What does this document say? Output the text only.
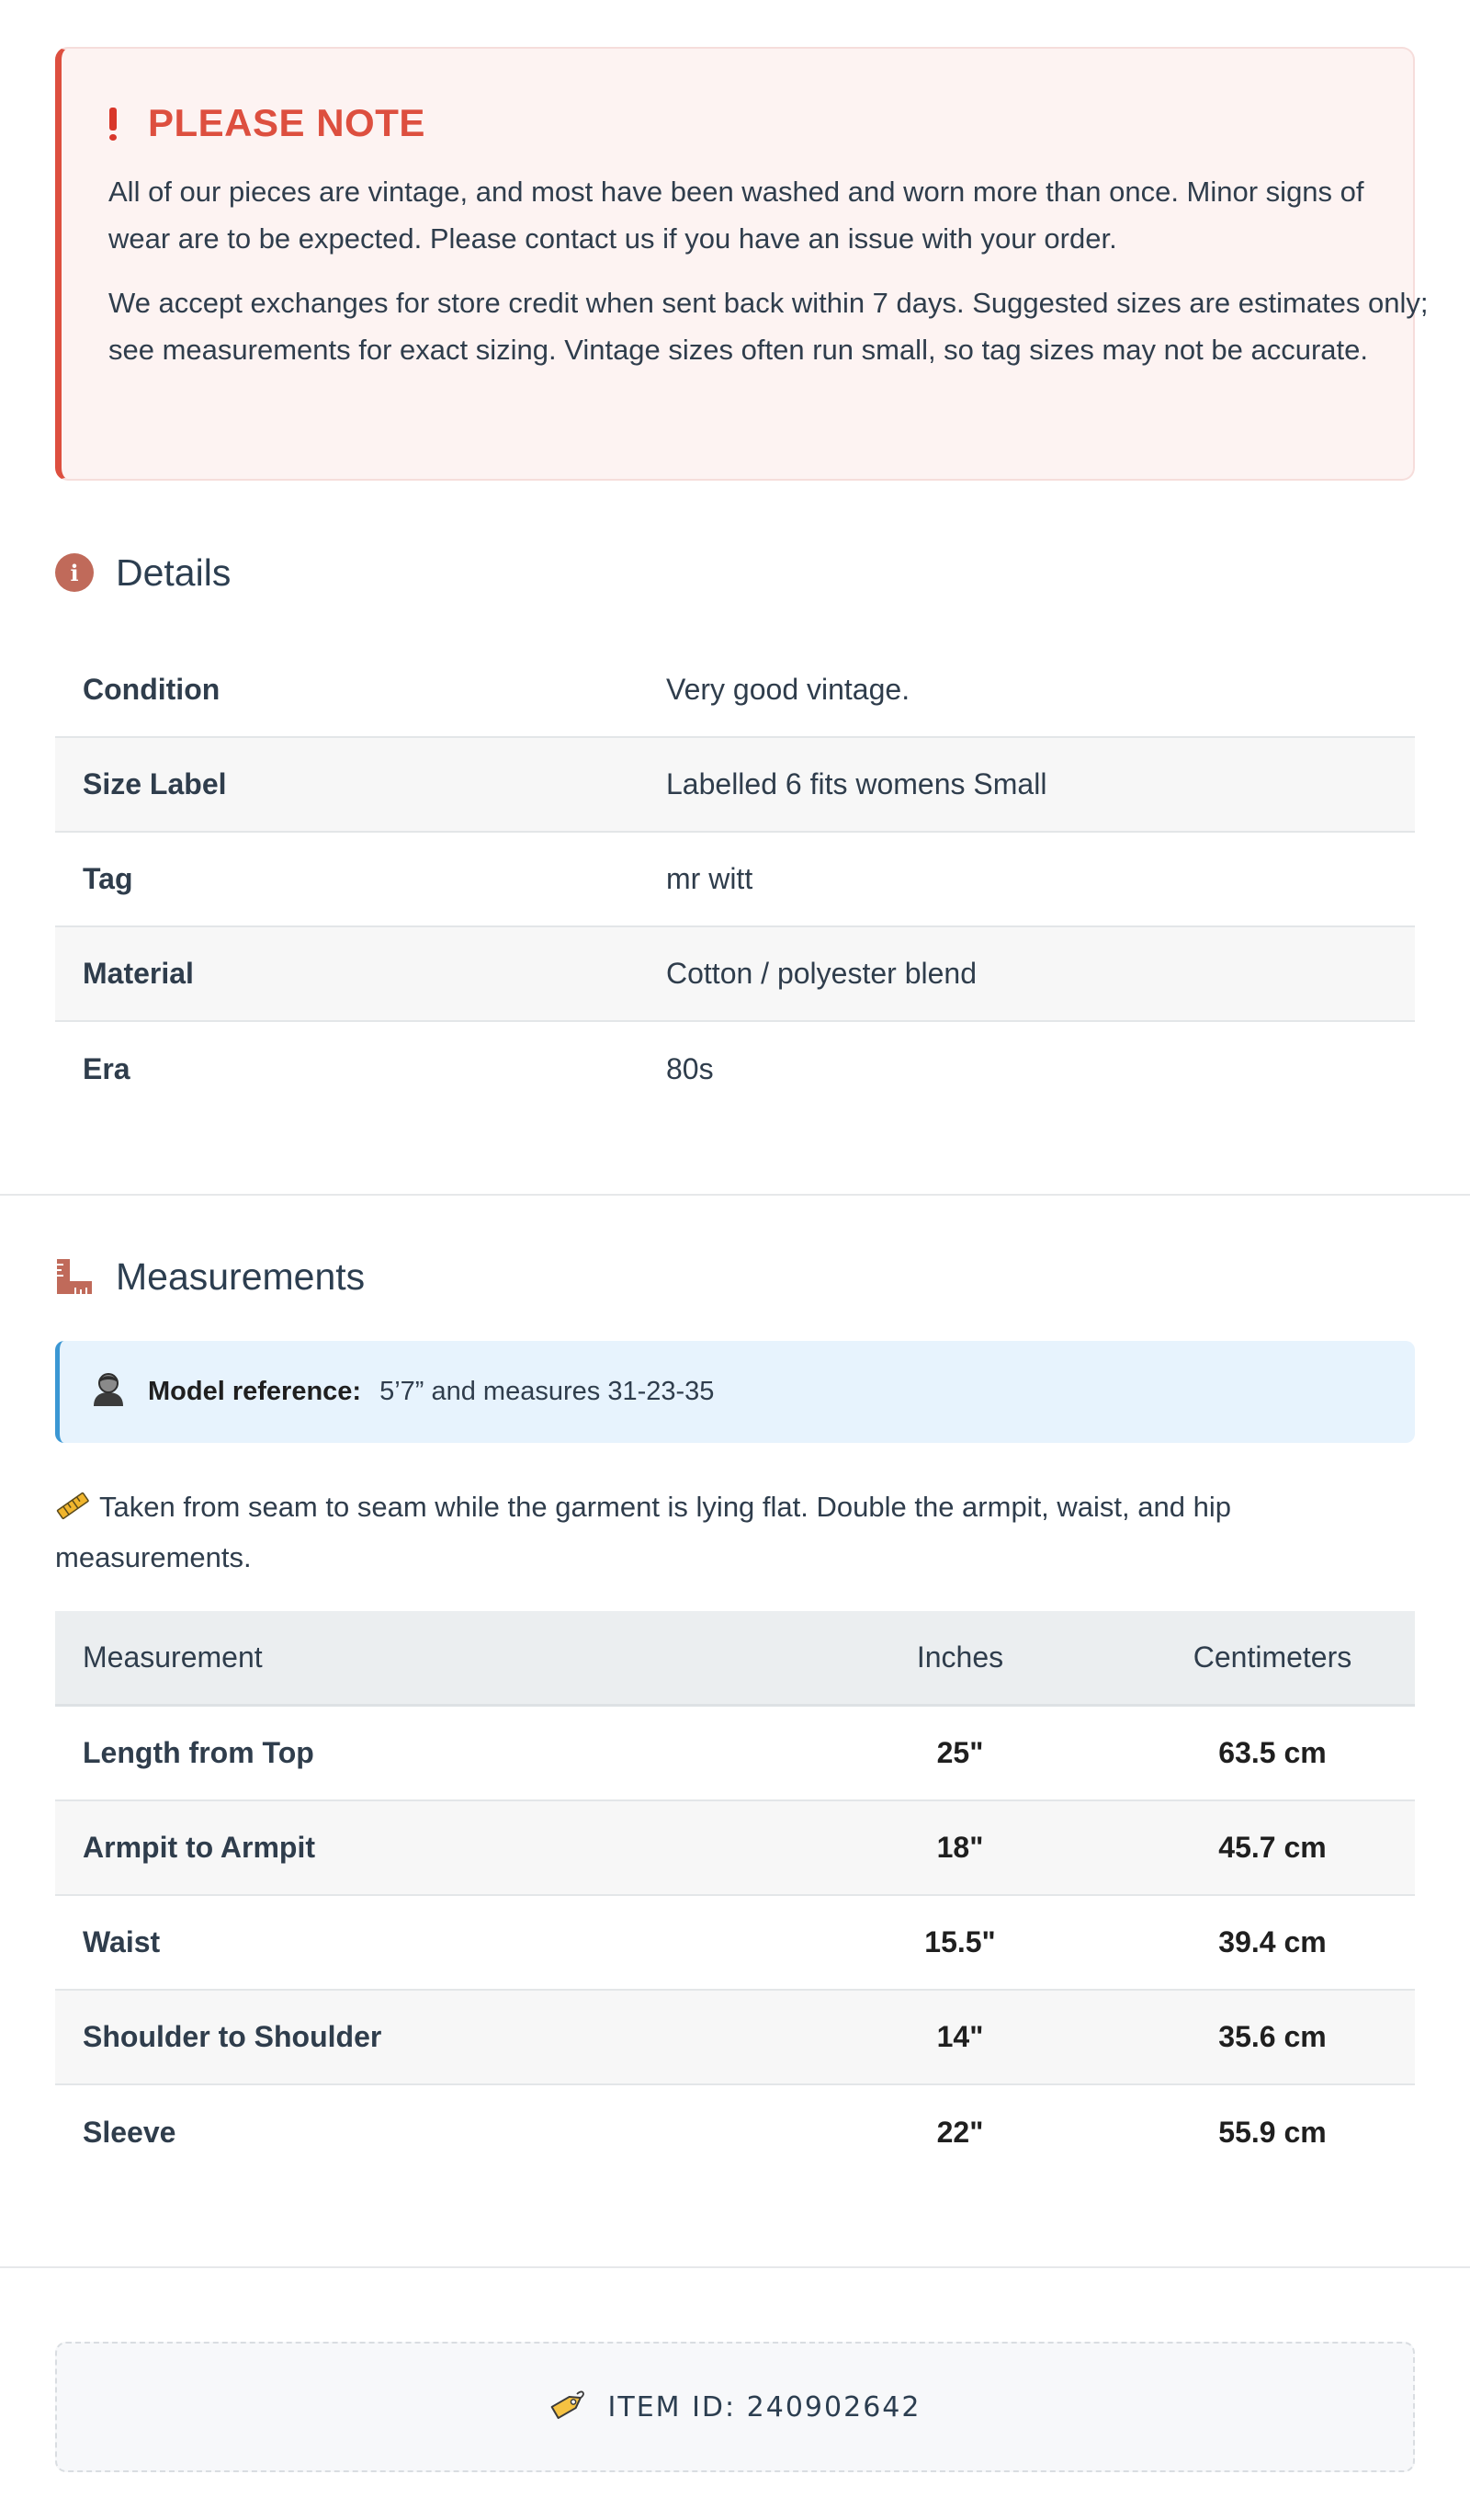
PLEASE NOTE

All of our pieces are vintage, and most have been washed and worn more than once. Minor signs of wear are to be expected. Please contact us if you have an issue with your order.

We accept exchanges for store credit when sent back within 7 days. Suggested sizes are estimates only; see measurements for exact sizing. Vintage sizes often run small, so tag sizes may not be accurate.

i Details
Condition	Very good vintage.
Size Label	Labelled 6 fits womens Small
Tag	mr witt
Material	Cotton / polyester blend
Era	80s
Measurements
Model reference: 5’7” and measures 31-23-35
Taken from seam to seam while the garment is lying flat. Double the armpit, waist, and hip measurements.
Measurement	Inches	Centimeters
Length from Top	25"	63.5 cm
Armpit to Armpit	18"	45.7 cm
Waist	15.5"	39.4 cm
Shoulder to Shoulder	14"	35.6 cm
Sleeve	22"	55.9 cm
ITEM ID: 240902642
